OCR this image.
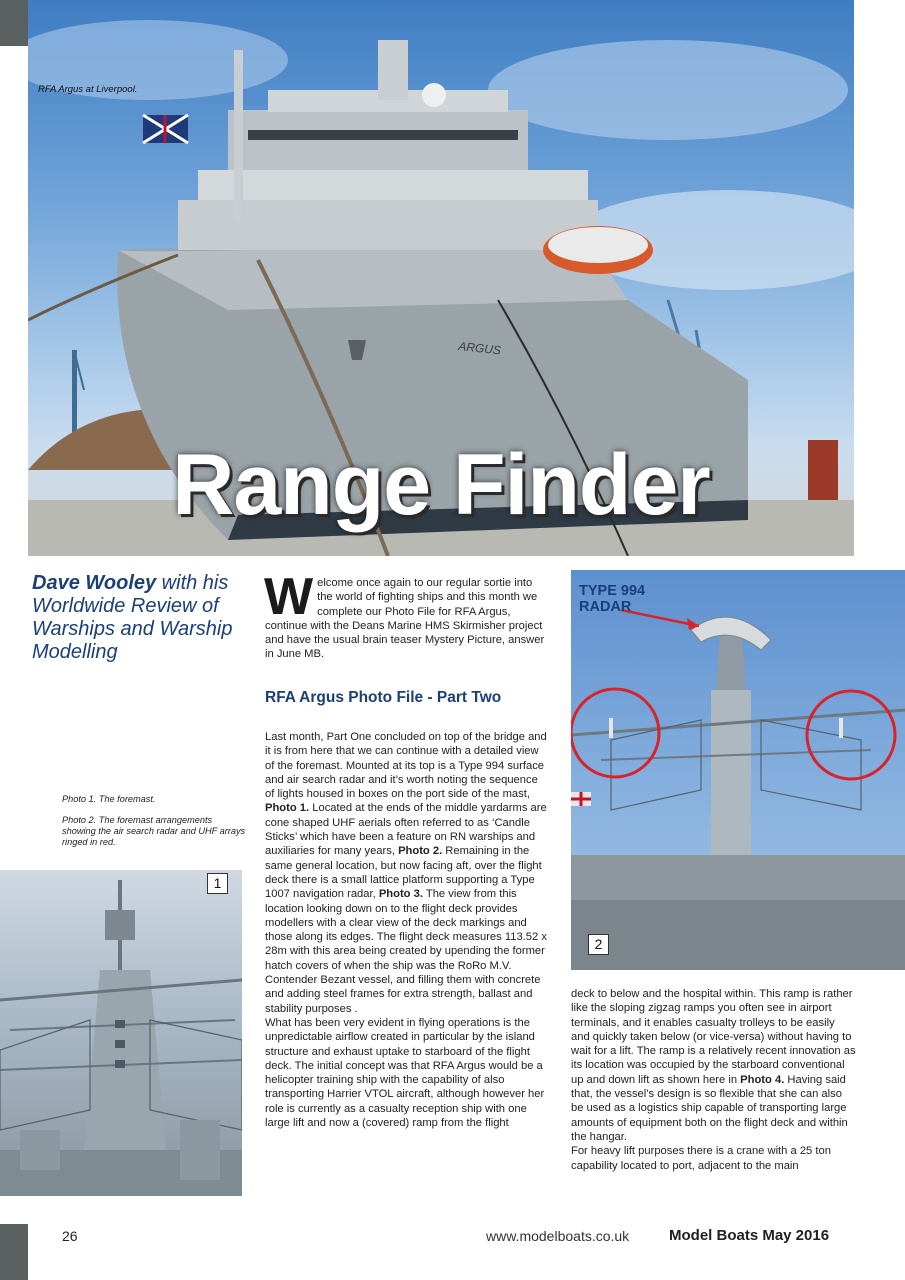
ARGUS
RFA Argus at Liverpool.
Range Finder
Dave Wooley with his Worldwide Review of Warships and Warship Modelling

Welcome once again to our regular sortie into the world of fighting ships and this month we complete our Photo File for RFA Argus, continue with the Deans Marine HMS Skirmisher project and have the usual brain teaser Mystery Picture, answer in June MB.

RFA Argus Photo File - Part Two

Last month, Part One concluded on top of the bridge and it is from here that we can continue with a detailed view of the foremast. Mounted at its top is a Type 994 surface and air search radar and it’s worth noting the sequence of lights housed in boxes on the port side of the mast, Photo 1. Located at the ends of the middle yardarms are cone shaped UHF aerials often referred to as ‘Candle Sticks’ which have been a feature on RN warships and auxiliaries for many years, Photo 2. Remaining in the same general location, but now facing aft, over the flight deck there is a small lattice platform supporting a Type 1007 navigation radar, Photo 3. The view from this location looking down on to the flight deck provides modellers with a clear view of the deck markings and those along its edges. The flight deck measures 113.52 x 28m with this area being created by upending the former hatch covers of when the ship was the RoRo M.V. Contender Bezant vessel, and filling them with concrete and adding steel frames for extra strength, ballast and stability purposes .

What has been very evident in flying operations is the unpredictable airflow created in particular by the island structure and exhaust uptake to starboard of the flight deck. The initial concept was that RFA Argus would be a helicopter training ship with the capability of also transporting Harrier VTOL aircraft, although however her role is currently as a casualty reception ship with one large lift and now a (covered) ramp from the flight

Photo 1. The foremast.

Photo 2. The foremast arrangements showing the air search radar and UHF arrays ringed in red.

1
TYPE 994
RADAR
2

deck to below and the hospital within. This ramp is rather like the sloping zigzag ramps you often see in airport terminals, and it enables casualty trolleys to be easily and quickly taken below (or vice-versa) without having to wait for a lift. The ramp is a relatively recent innovation as its location was occupied by the starboard conventional up and down lift as shown here in Photo 4. Having said that, the vessel’s design is so flexible that she can also be used as a logistics ship capable of transporting large amounts of equipment both on the flight deck and within the hangar.

For heavy lift purposes there is a crane with a 25 ton capability located to port, adjacent to the main

26	www.modelboats.co.uk	Model Boats May 2016
